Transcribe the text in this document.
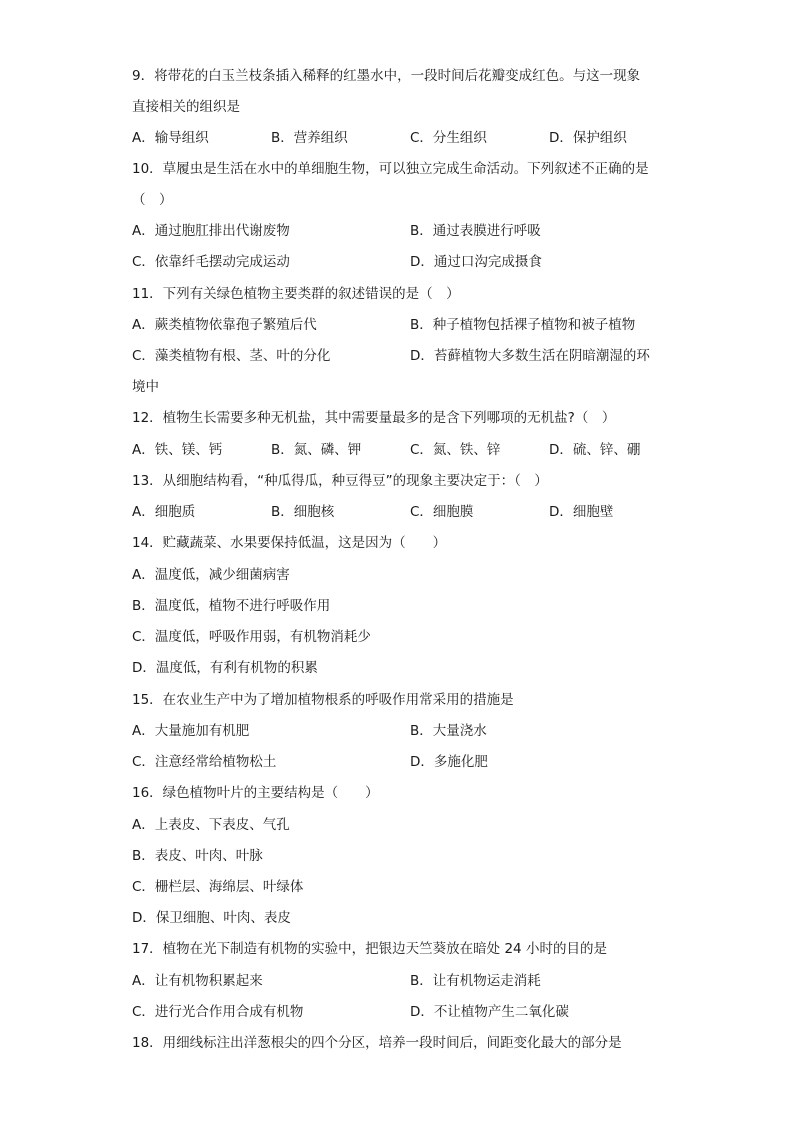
9．将带花的白玉兰枝条插入稀释的红墨水中，一段时间后花瓣变成红色。与这一现象
直接相关的组织是
A．输导组织	B．营养组织	C．分生组织	D．保护组织
10．草履虫是生活在水中的单细胞生物，可以独立完成生命活动。下列叙述不正确的是
（　）
A．通过胞肛排出代谢废物	B．通过表膜进行呼吸
C．依靠纤毛摆动完成运动	D．通过口沟完成摄食
11．下列有关绿色植物主要类群的叙述错误的是（　）
A．蕨类植物依靠孢子繁殖后代	B．种子植物包括裸子植物和被子植物
C．藻类植物有根、茎、叶的分化	D．苔藓植物大多数生活在阴暗潮湿的环
境中
12．植物生长需要多种无机盐，其中需要量最多的是含下列哪项的无机盐?（　）
A．铁、镁、钙	B．氮、磷、钾	C．氮、铁、锌	D．硫、锌、硼
13．从细胞结构看，“种瓜得瓜，种豆得豆”的现象主要决定于：（　）
A．细胞质	B．细胞核	C．细胞膜	D．细胞壁
14．贮藏蔬菜、水果要保持低温，这是因为（　　）
A．温度低，减少细菌病害
B．温度低，植物不进行呼吸作用
C．温度低，呼吸作用弱，有机物消耗少
D．温度低，有利有机物的积累
15．在农业生产中为了增加植物根系的呼吸作用常采用的措施是
A．大量施加有机肥	B．大量浇水
C．注意经常给植物松土	D．多施化肥
16．绿色植物叶片的主要结构是（　　）
A．上表皮、下表皮、气孔
B．表皮、叶肉、叶脉
C．栅栏层、海绵层、叶绿体
D．保卫细胞、叶肉、表皮
17．植物在光下制造有机物的实验中，把银边天竺葵放在暗处 24 小时的目的是
A．让有机物积累起来	B．让有机物运走消耗
C．进行光合作用合成有机物	D．不让植物产生二氧化碳
18．用细线标注出洋葱根尖的四个分区，培养一段时间后，间距变化最大的部分是
